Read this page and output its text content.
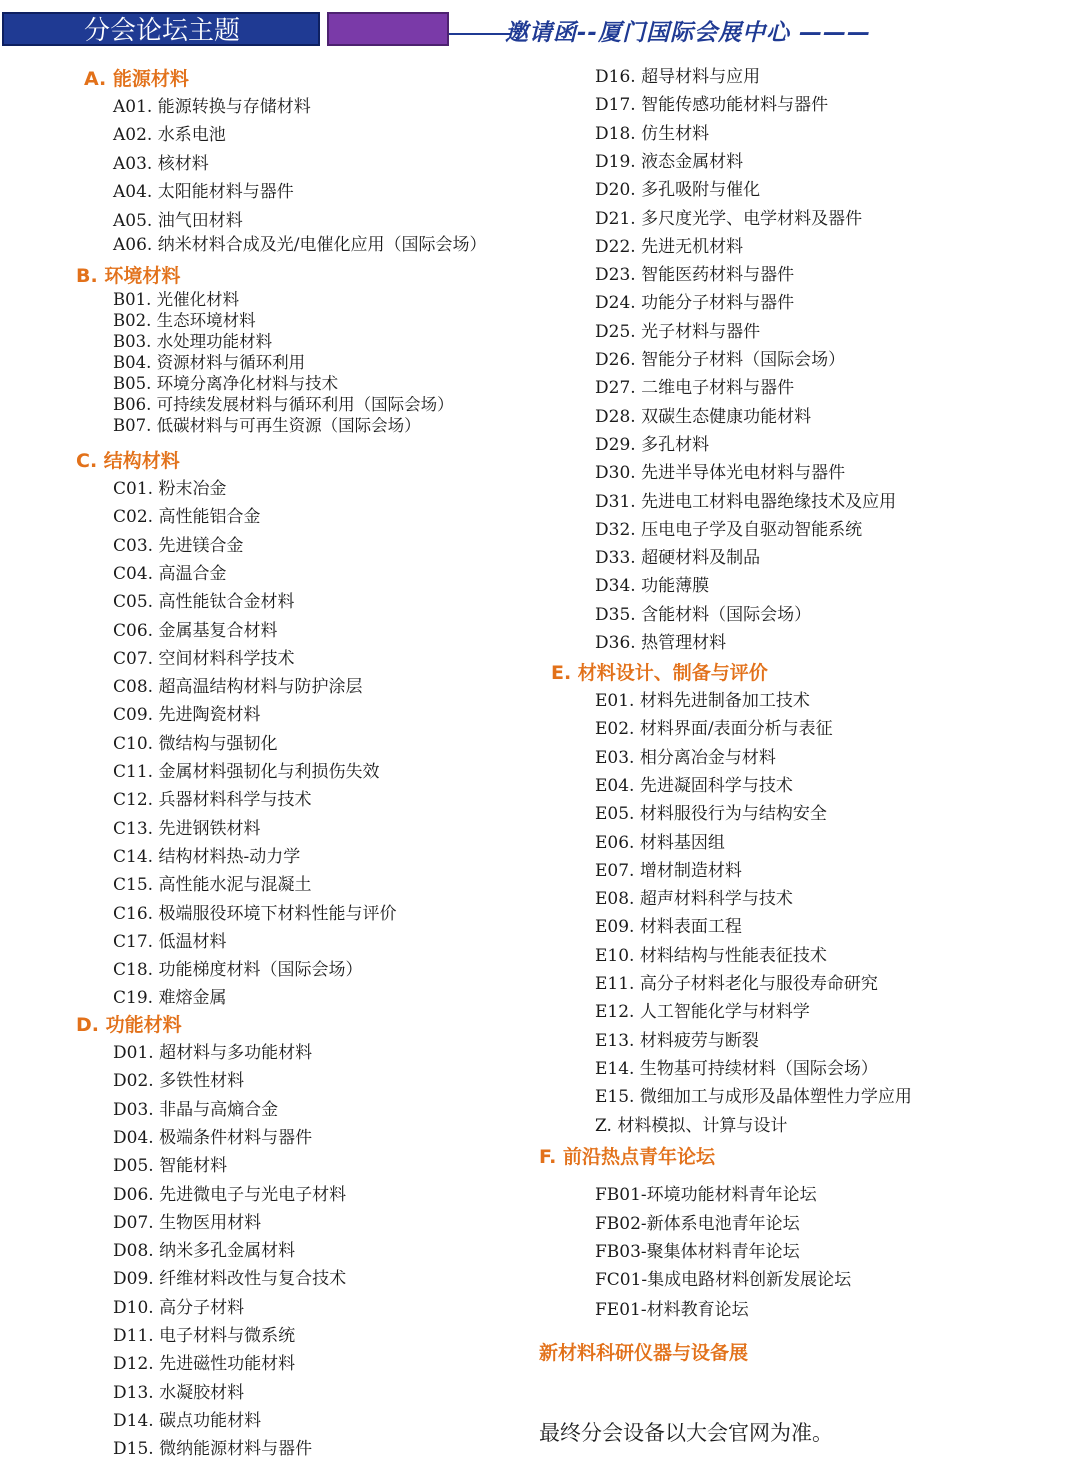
分会论坛主题	邀请函--厦门国际会展中心 ———
A. 能源材料
A01. 能源转换与存储材料
A02. 水系电池
A03. 核材料
A04. 太阳能材料与器件
A05. 油气田材料
A06. 纳米材料合成及光/电催化应用（国际会场）
B. 环境材料
B01. 光催化材料
B02. 生态环境材料
B03. 水处理功能材料
B04. 资源材料与循环利用
B05. 环境分离净化材料与技术
B06. 可持续发展材料与循环利用（国际会场）
B07. 低碳材料与可再生资源（国际会场）
C. 结构材料
C01. 粉末冶金
C02. 高性能铝合金
C03. 先进镁合金
C04. 高温合金
C05. 高性能钛合金材料
C06. 金属基复合材料
C07. 空间材料科学技术
C08. 超高温结构材料与防护涂层
C09. 先进陶瓷材料
C10. 微结构与强韧化
C11. 金属材料强韧化与利损伤失效
C12. 兵器材料科学与技术
C13. 先进钢铁材料
C14. 结构材料热-动力学
C15. 高性能水泥与混凝土
C16. 极端服役环境下材料性能与评价
C17. 低温材料
C18. 功能梯度材料（国际会场）
C19. 难熔金属
D. 功能材料
D01. 超材料与多功能材料
D02. 多铁性材料
D03. 非晶与高熵合金
D04. 极端条件材料与器件
D05. 智能材料
D06. 先进微电子与光电子材料
D07. 生物医用材料
D08. 纳米多孔金属材料
D09. 纤维材料改性与复合技术
D10. 高分子材料
D11. 电子材料与微系统
D12. 先进磁性功能材料
D13. 水凝胶材料
D14. 碳点功能材料
D15. 微纳能源材料与器件
D16. 超导材料与应用
D17. 智能传感功能材料与器件
D18. 仿生材料
D19. 液态金属材料
D20. 多孔吸附与催化
D21. 多尺度光学、电学材料及器件
D22. 先进无机材料
D23. 智能医药材料与器件
D24. 功能分子材料与器件
D25. 光子材料与器件
D26. 智能分子材料（国际会场）
D27. 二维电子材料与器件
D28. 双碳生态健康功能材料
D29. 多孔材料
D30. 先进半导体光电材料与器件
D31. 先进电工材料电器绝缘技术及应用
D32. 压电电子学及自驱动智能系统
D33. 超硬材料及制品
D34. 功能薄膜
D35. 含能材料（国际会场）
D36. 热管理材料
E. 材料设计、制备与评价
E01. 材料先进制备加工技术
E02. 材料界面/表面分析与表征
E03. 相分离冶金与材料
E04. 先进凝固科学与技术
E05. 材料服役行为与结构安全
E06. 材料基因组
E07. 增材制造材料
E08. 超声材料科学与技术
E09. 材料表面工程
E10. 材料结构与性能表征技术
E11. 高分子材料老化与服役寿命研究
E12. 人工智能化学与材料学
E13. 材料疲劳与断裂
E14. 生物基可持续材料（国际会场）
E15. 微细加工与成形及晶体塑性力学应用
Z. 材料模拟、计算与设计
F. 前沿热点青年论坛
FB01-环境功能材料青年论坛
FB02-新体系电池青年论坛
FB03-聚集体材料青年论坛
FC01-集成电路材料创新发展论坛
FE01-材料教育论坛
新材料科研仪器与设备展
最终分会设备以大会官网为准。
